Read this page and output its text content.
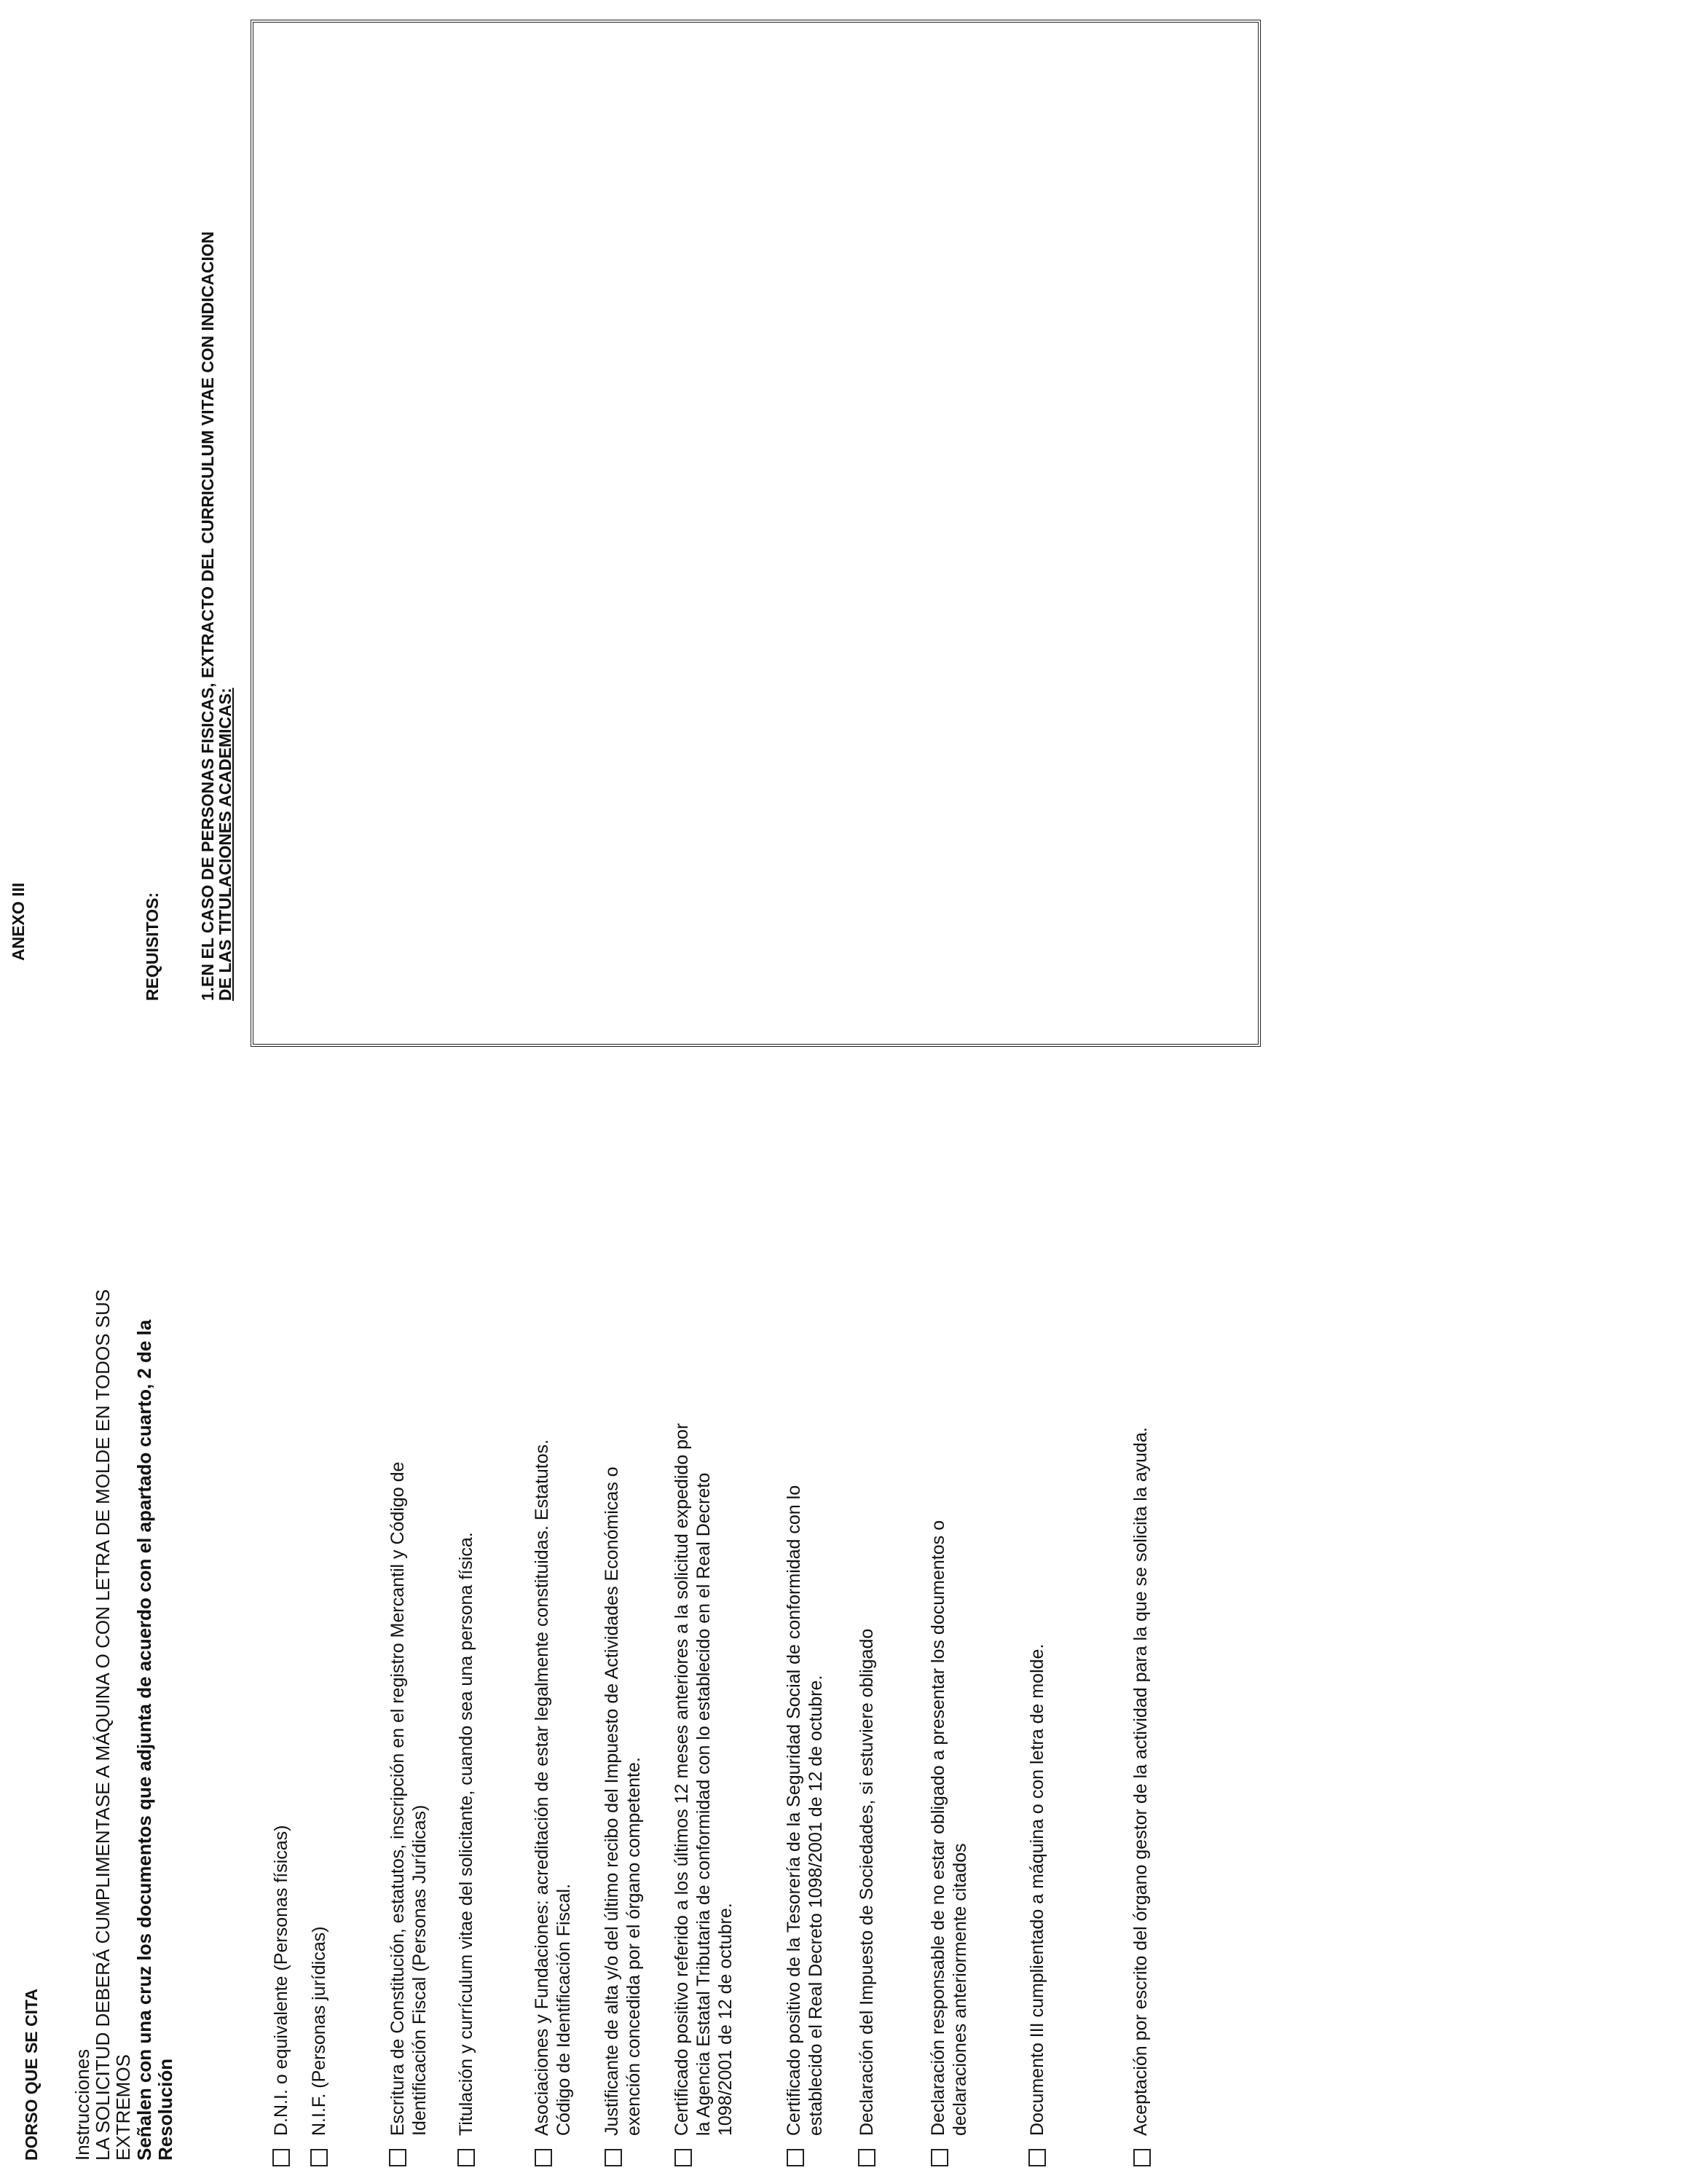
DORSO QUE SE CITA Instrucciones
LA SOLICITUD DEBERÁ CUMPLIMENTASE A MÁQUINA O CON LETRA DE MOLDE EN TODOS SUS
EXTREMOS Señalen con una cruz los documentos que adjunta de acuerdo con el apartado cuarto, 2 de la Resolución	D.N.I. o equivalente (Personas físicas) N.I.F. (Personas jurídicas)	Escritura de Constitución, estatutos, inscripción en el registro Mercantil y Código de Identificación Fiscal (Personas Jurídicas) Titulación y currículum vitae del solicitante, cuando sea una persona física.	Asociaciones y Fundaciones: acreditación de estar legalmente constituidas. Estatutos. Código de Identificación Fiscal. Justificante de alta y/o del último recibo del Impuesto de Actividades Económicas o exención concedida por el órgano competente. Certificado positivo referido a los últimos 12 meses anteriores a la solicitud expedido por la Agencia Estatal Tributaria de conformidad con lo establecido en el Real Decreto 1098/2001 de 12 de octubre.	Certificado positivo de la Tesorería de la Seguridad Social de conformidad con lo establecido el Real Decreto 1098/2001 de 12 de octubre. Declaración del Impuesto de Sociedades, si estuviere obligado	Declaración responsable de no estar obligado a presentar los documentos o declaraciones anteriormente citados	Documento III cumplientado a máquina o con letra de molde.	Aceptación por escrito del órgano gestor de la actividad para la que se solicita la ayuda.
ANEXO III	REQUISITOS: 1.EN EL CASO DE PERSONAS FISICAS, EXTRACTO DEL CURRICULUM VITAE CON INDICACION
DE LAS TITULACIONES ACADEMICAS:
